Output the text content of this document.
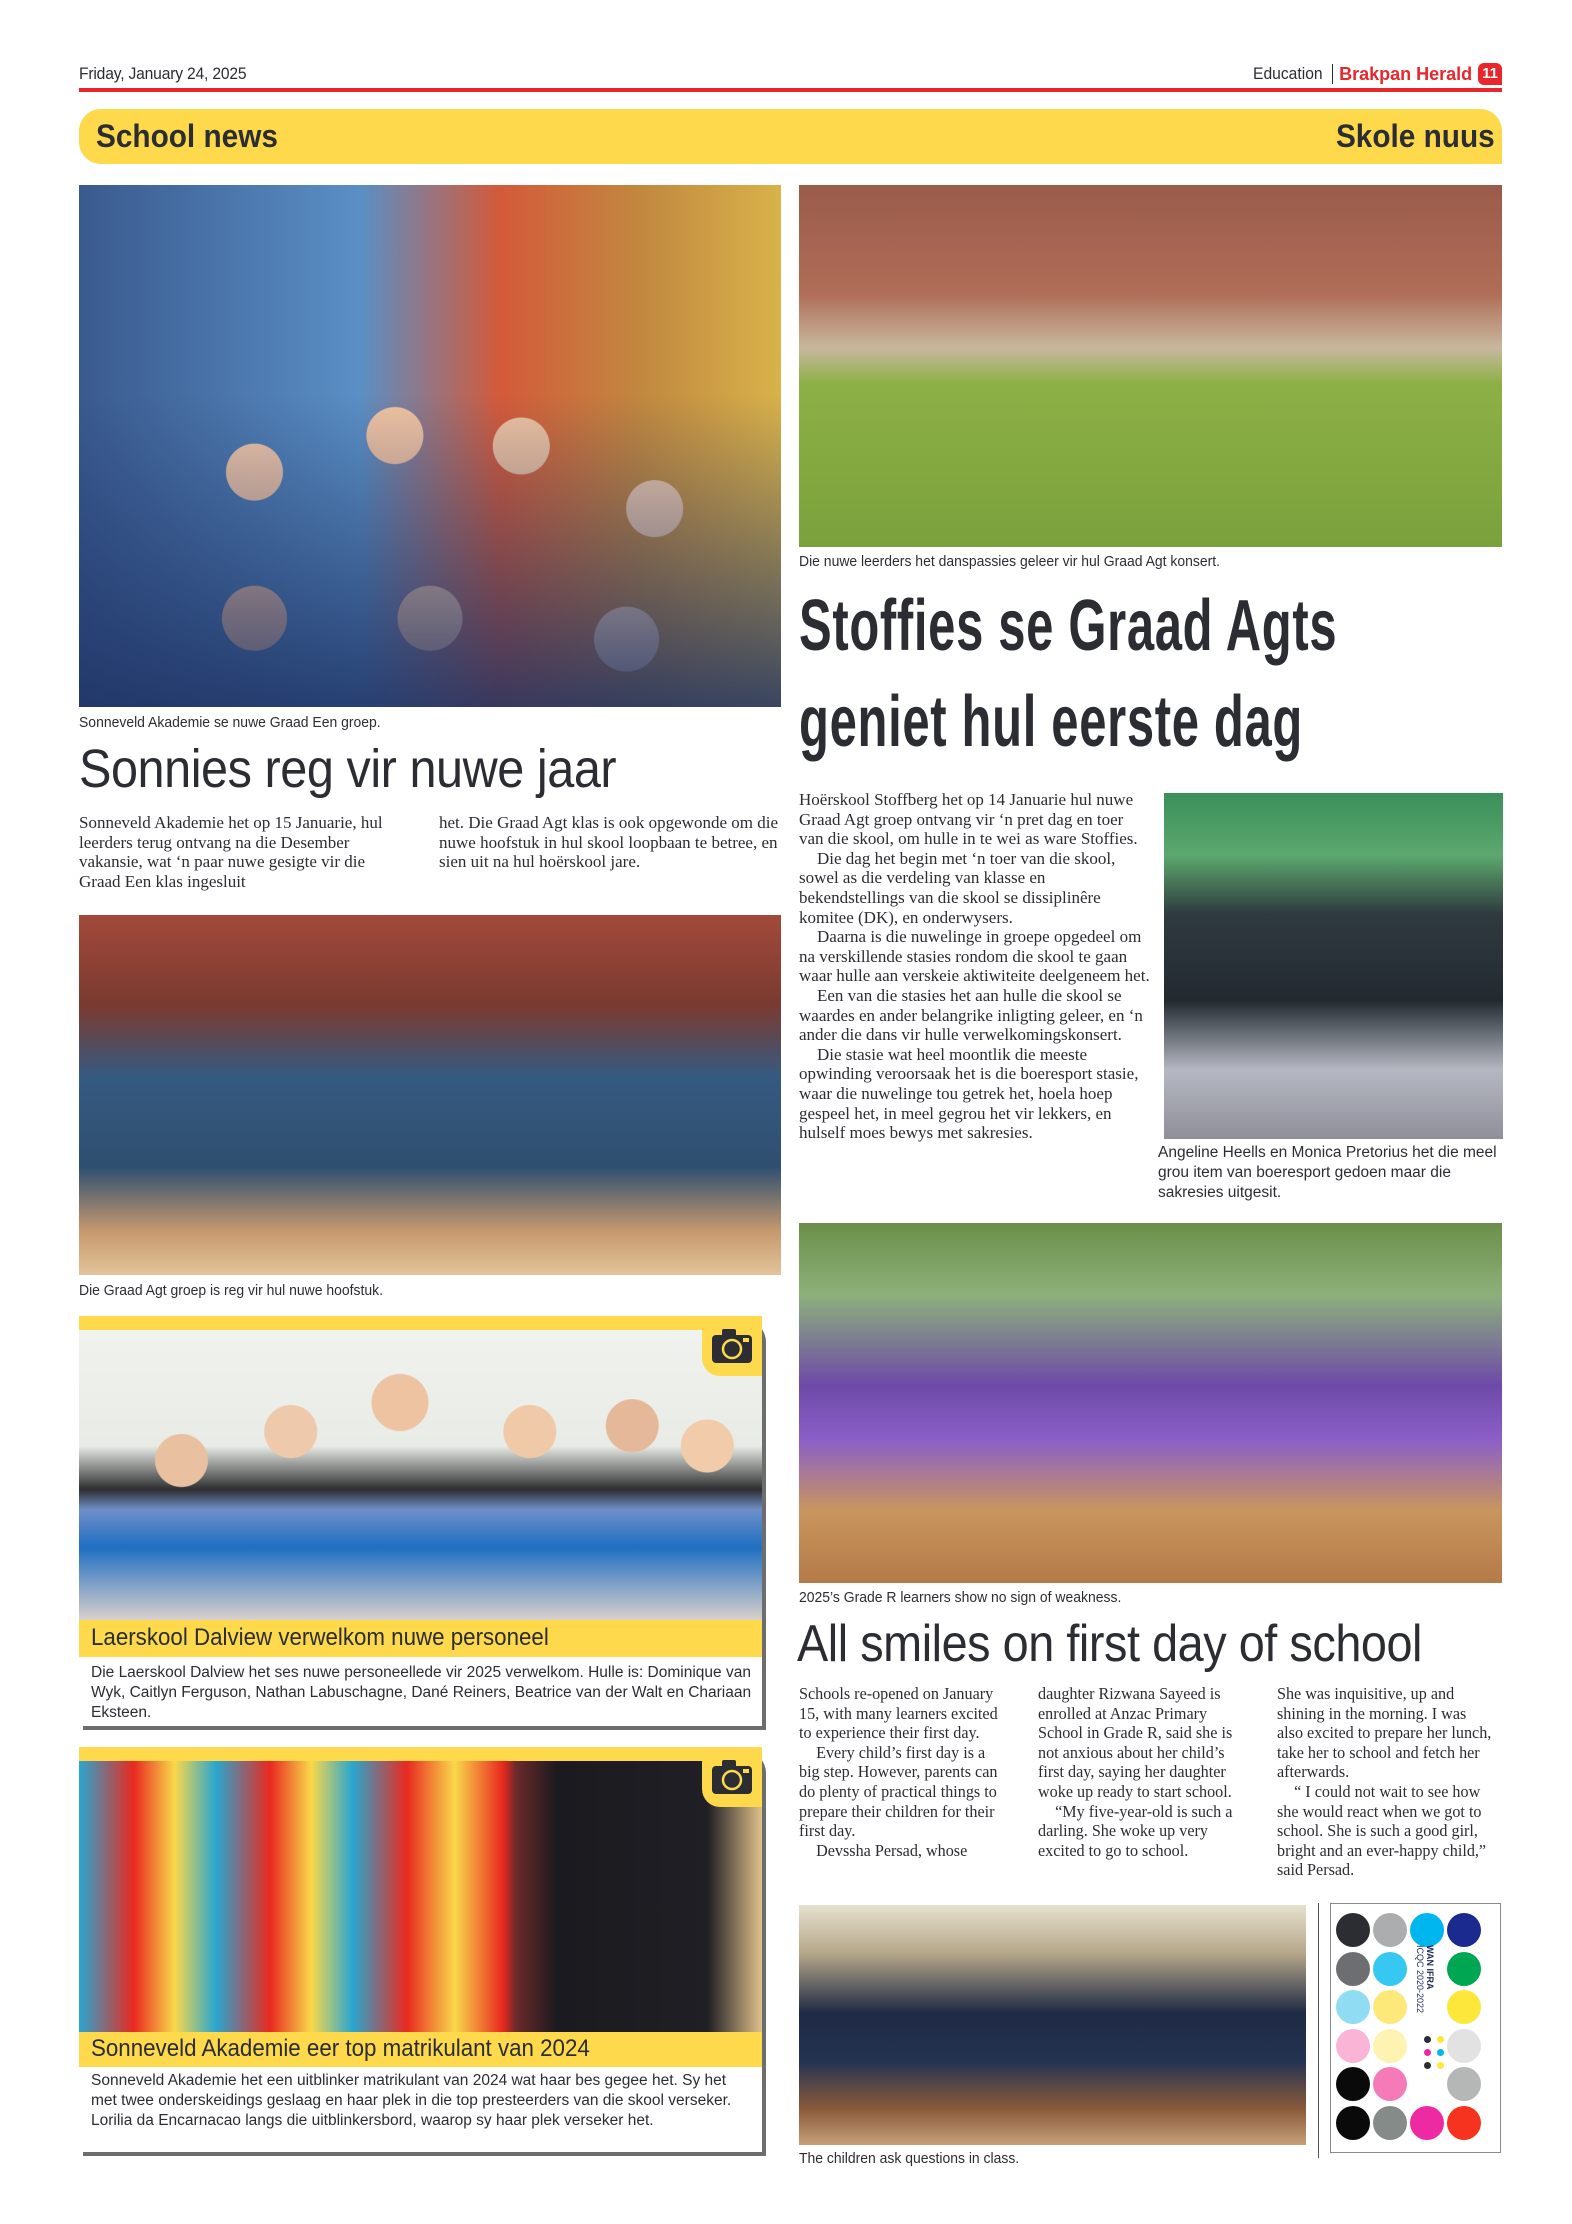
Friday, January 24, 2025	Education Brakpan Herald 11
School news	Skole nuus
Sonneveld Akademie se nuwe Graad Een groep.
Sonnies reg vir nuwe jaar

Sonneveld Akademie het op 15 Januarie, hul leerders terug ontvang na die Desember vakansie, wat ‘n paar nuwe gesigte vir die Graad Een klas ingesluit

het. Die Graad Agt klas is ook opgewonde om die nuwe hoofstuk in hul skool loopbaan te betree, en sien uit na hul hoërskool jare.

Die Graad Agt groep is reg vir hul nuwe hoofstuk.
Laerskool Dalview verwelkom nuwe personeel
Die Laerskool Dalview het ses nuwe personeellede vir 2025 verwelkom. Hulle is: Dominique van Wyk, Caitlyn Ferguson, Nathan Labuschagne, Dané Reiners, Beatrice van der Walt en Chariaan Eksteen.
Sonneveld Akademie eer top matrikulant van 2024
Sonneveld Akademie het een uitblinker matrikulant van 2024 wat haar bes gegee het. Sy het met twee onderskeidings geslaag en haar plek in die top presteerders van die skool verseker. Lorilia da Encarnacao langs die uitblinkersbord, waarop sy haar plek verseker het.
Die nuwe leerders het danspassies geleer vir hul Graad Agt konsert.
Stoffies se Graad Agts
geniet hul eerste dag

Hoërskool Stoffberg het op 14 Januarie hul nuwe Graad Agt groep ontvang vir ‘n pret dag en toer van die skool, om hulle in te wei as ware Stoffies.

Die dag het begin met ‘n toer van die skool, sowel as die verdeling van klasse en bekendstellings van die skool se dissiplinêre komitee (DK), en onderwysers.

Daarna is die nuwelinge in groepe opgedeel om na verskillende stasies rondom die skool te gaan waar hulle aan verskeie aktiwiteite deelgeneem het.

Een van die stasies het aan hulle die skool se waardes en ander belangrike inligting geleer, en ‘n ander die dans vir hulle verwelkomingskonsert.

Die stasie wat heel moontlik die meeste opwinding veroorsaak het is die boeresport stasie, waar die nuwelinge tou getrek het, hoela hoep gespeel het, in meel gegrou het vir lekkers, en hulself moes bewys met sakresies.

Angeline Heells en Monica Pretorius het die meel grou item van boeresport gedoen maar die sakresies uitgesit.
2025’s Grade R learners show no sign of weakness.
All smiles on first day of school

Schools re-opened on January 15, with many learners excited to experience their first day.

Every child’s first day is a big step. However, parents can do plenty of practical things to prepare their children for their first day.

Devssha Persad, whose

daughter Rizwana Sayeed is enrolled at Anzac Primary School in Grade R, said she is not anxious about her child’s first day, saying her daughter woke up ready to start school.

“My five-year-old is such a darling. She woke up very excited to go to school.

She was inquisitive, up and shining in the morning. I was also excited to prepare her lunch, take her to school and fetch her afterwards.

“ I could not wait to see how she would react when we got to school. She is such a good girl, bright and an ever-happy child,” said Persad.

The children ask questions in class.
WAN IFRA
ICQC 2020-2022
